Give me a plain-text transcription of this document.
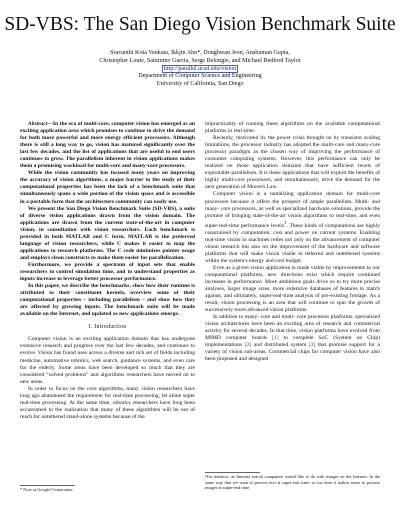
SD-VBS: The San Diego Vision Benchmark Suite
Sravanthi Kota Venkata, Ikkjin Ahn*, Donghwan Jeon, Anshuman Gupta,
Christopher Louie, Saturnino Garcia, Serge Belongie, and Michael Bedford Taylor
http://parallel.ucsd.edu/vision
Department of Computer Science and Engineering
University of California, San Diego

Abstract—In the era of multi-core, computer vision has emerged as an exciting application area which promises to continue to drive the demand for both more powerful and more energy efficient processors. Although there is still a long way to go, vision has matured significantly over the last few decades, and the list of applications that are useful to end users continues to grow. The parallelism inherent in vision applications makes them a promising workload for multi-core and many-core processors.

While the vision community has focused many years on improving the accuracy of vision algorithms, a major barrier to the study of their computational properties has been the lack of a benchmark suite that simultaneously spans a wide portion of the vision space and is accessible in a portable form that the architecture community can easily use.

We present the San Diego Vision Benchmark Suite (SD-VBS), a suite of diverse vision applications drawn from the vision domain. The applications are drawn from the current state-of-the-art in computer vision, in consultation with vision researchers. Each benchmark is provided in both MATLAB and C form. MATLAB is the preferred language of vision researchers, while C makes it easier to map the applications to research platforms. The C code minimizes pointer usage and employs clean constructs to make them easier for parallelization.

Furthermore, we provide a spectrum of input sets that enable researchers to control simulation time, and to understand properties as inputs increase to leverage better processor performance.

In this paper, we describe the benchmarks, show how their runtime is attributed to their constituent kernels, overview some of their computational properties – including parallelism – and show how they are affected by growing inputs. The benchmark suite will be made available on the Internet, and updated as new applications emerge.

I. Introduction

Computer vision is an exciting application domain that has undergone extensive research and progress over the last few decades, and continues to evolve. Vision has found uses across a diverse and rich set of fields including medicine, automotive robotics, web search, guidance systems, and even care for the elderly. Some areas have been developed so much that they are considered “solved problems” and algorithms researchers have moved on to new areas.

In order to focus on the core algorithms, many vision researchers have long ago abandoned the requirement for real-time processing, let alone super real-time processing. At the same time, robotics researchers have long been accustomed to the realization that many of these algorithms will be out of reach for untethered stand-alone systems because of the

impracticality of running these algorithms on the available computational platforms in real-time.

Recently, motivated by the power crisis brought on by transistor scaling limitations, the processor industry has adopted the multi-core and many-core processor paradigm as the chosen way of improving the performance of consumer computing systems. However, this performance can only be realized on those application domains that have sufficient levels of exploitable parallelism. It is these applications that will exploit the benefits of highly multi-core processors, and simultaneously, drive the demand for the next generation of Moore's Law.

Computer vision is a tantalizing application domain for multi-core processors because it offers the prospect of ample parallelism. Multi- and many- core processors, as well as specialized hardware solutions, provide the promise of bringing state-of-the-art vision algorithms to real-time, and even super-real-time performance levels$^1$. These kinds of computations are highly constrained by computation, cost and power on current systems. Enabling real-time vision in machines relies not only on the advancement of computer vision research but also on the improvement of the hardware and software platforms that will make vision viable in tethered and untethered systems within the system's energy and cost budget.

Even as a given vision application is made viable by improvements to our computational platforms, new directions exist which require continued increases in performance. More ambitious goals drive us to try more precise analyses, larger image sizes, more extensive databases of features to match against, and ultimately, super-real-time analysis of pre-existing footage. As a result, vision processing is an area that will continue to spur the growth of successively more advanced vision platforms.

In addition to many- core and multi- core processor platforms, specialized vision architectures have been an exciting area of research and commercial activity for several decades. In that time, vision platforms have evolved from MIMD computer boards [1] to complete SoC (System on Chip) implementations [2] and distributed system [3] that promise support for a variety of vision sub-areas. Commercial chips for computer vision have also been proposed and designed

* Now at Google Corporation.
¹For instance, as Internet search companies would like to do with images on the Internet. In the same way that we want to process text at super-real time, so too does it makes sense to process images at super-real time.
